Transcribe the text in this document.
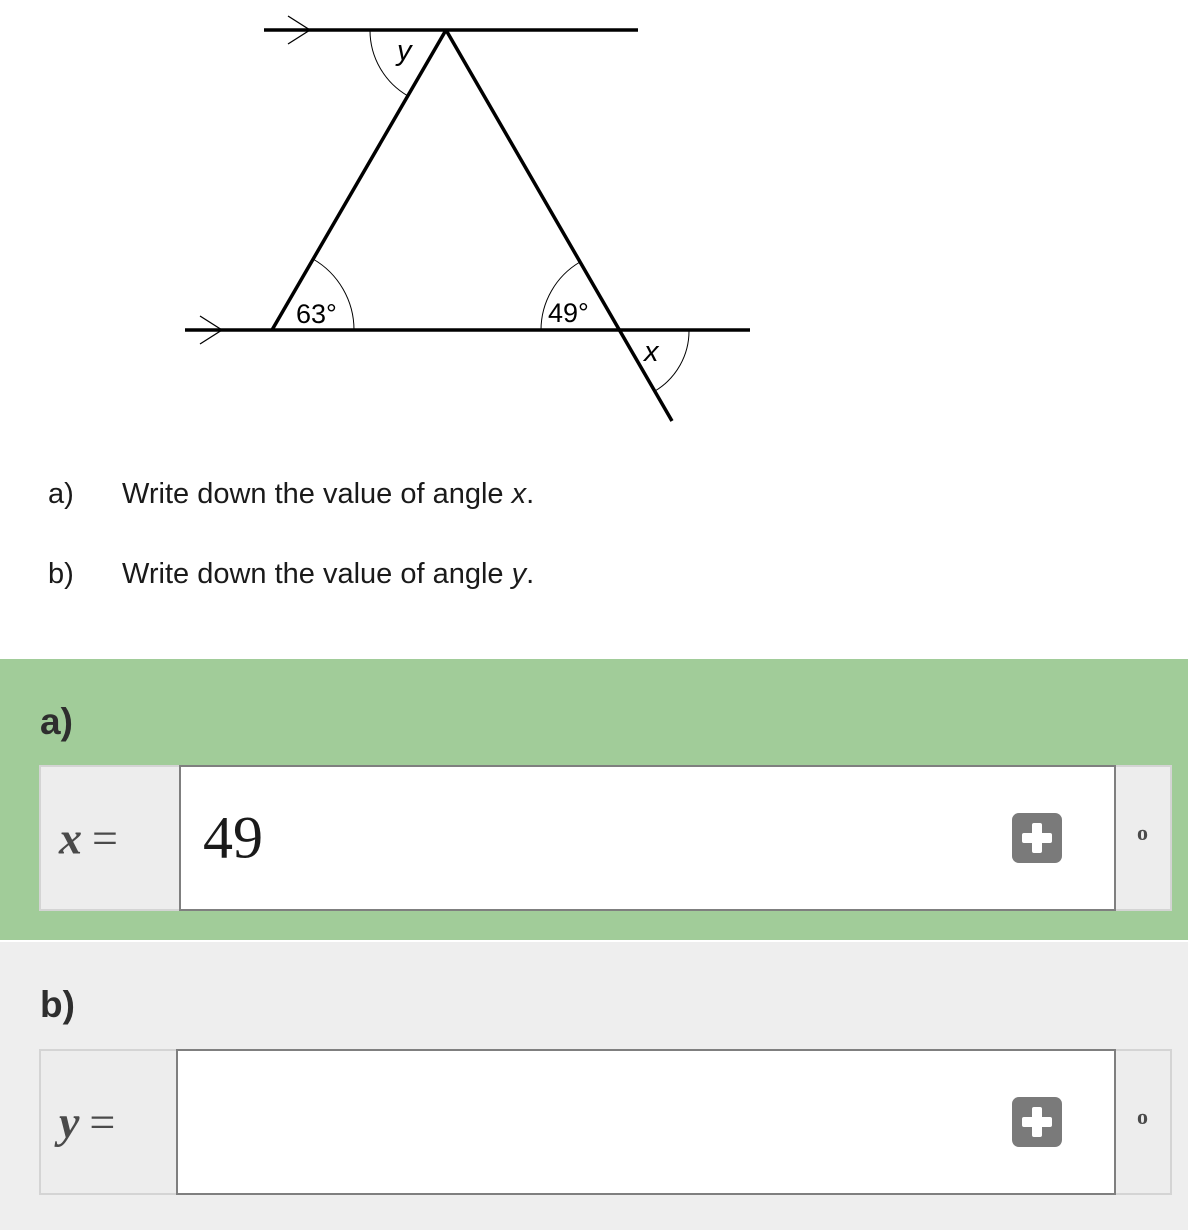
63°	49°
x
y
a) Write down the value of angle x.
b) Write down the value of angle y.
a)
x = 49	o
b)
y =	o
